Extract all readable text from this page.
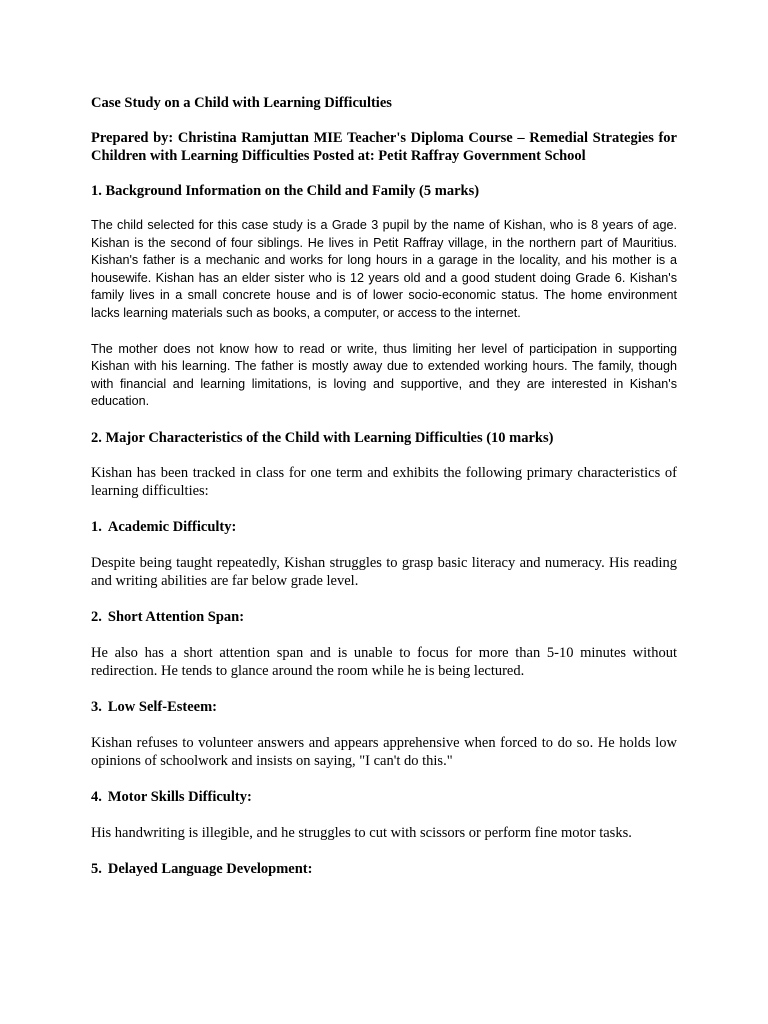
Case Study on a Child with Learning Difficulties

Prepared by: Christina Ramjuttan MIE Teacher's Diploma Course – Remedial Strategies for Children with Learning Difficulties Posted at: Petit Raffray Government School

1. Background Information on the Child and Family (5 marks)

The child selected for this case study is a Grade 3 pupil by the name of Kishan, who is 8 years of age. Kishan is the second of four siblings. He lives in Petit Raffray village, in the northern part of Mauritius. Kishan's father is a mechanic and works for long hours in a garage in the locality, and his mother is a housewife. Kishan has an elder sister who is 12 years old and a good student doing Grade 6. Kishan's family lives in a small concrete house and is of lower socio-economic status. The home environment lacks learning materials such as books, a computer, or access to the internet.

The mother does not know how to read or write, thus limiting her level of participation in supporting Kishan with his learning. The father is mostly away due to extended working hours. The family, though with financial and learning limitations, is loving and supportive, and they are interested in Kishan's education.

2. Major Characteristics of the Child with Learning Difficulties (10 marks)

Kishan has been tracked in class for one term and exhibits the following primary characteristics of learning difficulties:

1. Academic Difficulty:

Despite being taught repeatedly, Kishan struggles to grasp basic literacy and numeracy. His reading and writing abilities are far below grade level.

2. Short Attention Span:

He also has a short attention span and is unable to focus for more than 5-10 minutes without redirection. He tends to glance around the room while he is being lectured.

3. Low Self-Esteem:

Kishan refuses to volunteer answers and appears apprehensive when forced to do so. He holds low opinions of schoolwork and insists on saying, "I can't do this."

4. Motor Skills Difficulty:

His handwriting is illegible, and he struggles to cut with scissors or perform fine motor tasks.

5. Delayed Language Development:
